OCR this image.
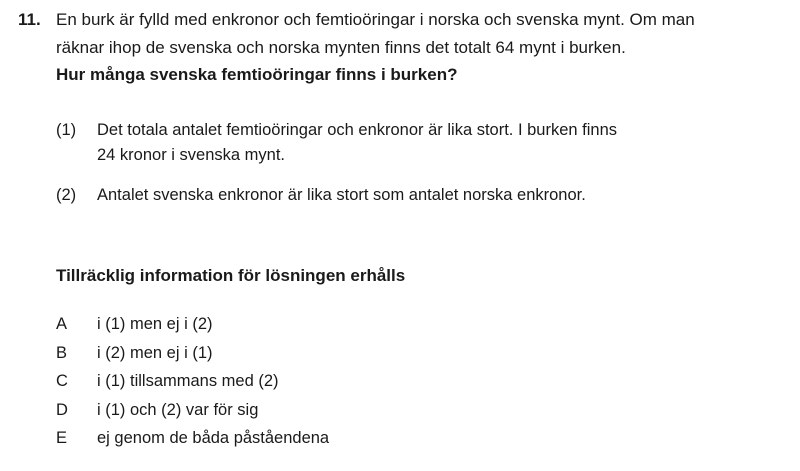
11. En burk är fylld med enkronor och femtioöringar i norska och svenska mynt. Om man
räknar ihop de svenska och norska mynten finns det totalt 64 mynt i burken.
Hur många svenska femtioöringar finns i burken?
(1) Det totala antalet femtioöringar och enkronor är lika stort. I burken finns
24 kronor i svenska mynt.
(2) Antalet svenska enkronor är lika stort som antalet norska enkronor.
Tillräcklig information för lösningen erhålls
A i (1) men ej i (2)
B i (2) men ej i (1)
C i (1) tillsammans med (2)
D i (1) och (2) var för sig
E ej genom de båda påståendena
